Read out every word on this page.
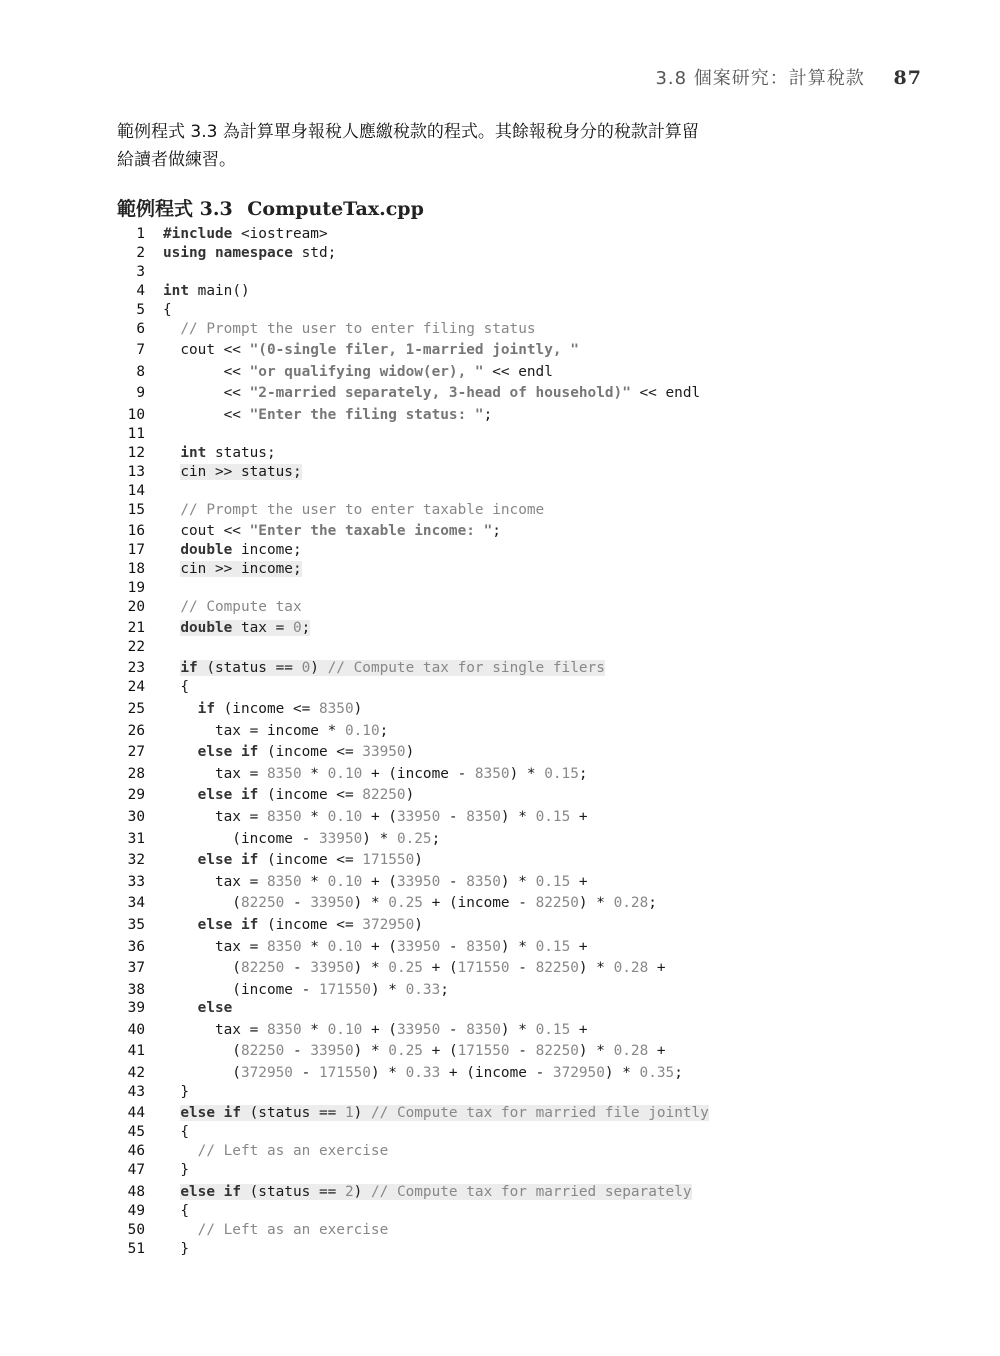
3.8 個案研究：計算稅款 87

範例程式 3.3 為計算單身報稅人應繳稅款的程式。其餘報稅身分的稅款計算留

給讀者做練習。

範例程式 3.3 ComputeTax.cpp
1 #include <iostream>
2 using namespace std;
3
4 int main()
5 {
6 // Prompt the user to enter filing status
7  cout << "(0-single filer, 1-married jointly, "
8       << "or qualifying widow(er), " << endl
9       << "2-married separately, 3-head of household)" << endl
10       << "Enter the filing status: ";
11
12 int status;
13 cin >> status;
14
15 // Prompt the user to enter taxable income
16  cout << "Enter the taxable income: ";
17 double income;
18 cin >> income;
19
20 // Compute tax
21 double tax = 0;
22
23 if (status == 0) // Compute tax for single filers
24  {
25	if (income <= 8350)
26      tax = income * 0.10;
27	else if (income <= 33950)
28      tax = 8350 * 0.10 + (income - 8350) * 0.15;
29	else if (income <= 82250)
30      tax = 8350 * 0.10 + (33950 - 8350) * 0.15 +
31        (income - 33950) * 0.25;
32	else if (income <= 171550)
33      tax = 8350 * 0.10 + (33950 - 8350) * 0.15 +
34        (82250 - 33950) * 0.25 + (income - 82250) * 0.28;
35	else if (income <= 372950)
36      tax = 8350 * 0.10 + (33950 - 8350) * 0.15 +
37        (82250 - 33950) * 0.25 + (171550 - 82250) * 0.28 +
38        (income - 171550) * 0.33;
39	else
40      tax = 8350 * 0.10 + (33950 - 8350) * 0.15 +
41        (82250 - 33950) * 0.25 + (171550 - 82250) * 0.28 +
42        (372950 - 171550) * 0.33 + (income - 372950) * 0.35;
43  }
44 else if (status == 1) // Compute tax for married file jointly
45  {
46	// Left as an exercise
47  }
48 else if (status == 2) // Compute tax for married separately
49  {
50	// Left as an exercise
51  }
